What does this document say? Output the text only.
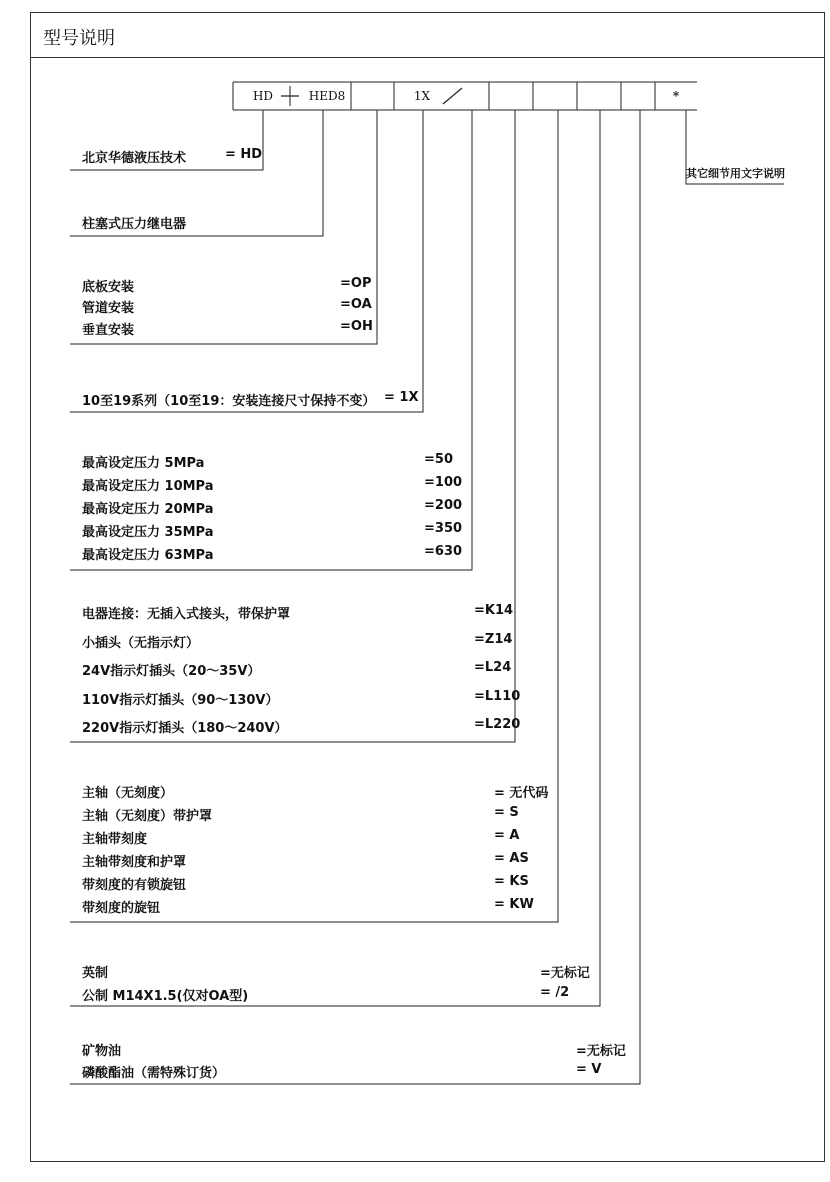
型号说明
HD	HED8	1X	*
其它细节用文字说明
北京华德液压技术	= HD
柱塞式压力继电器
底板安装	=OP
管道安装	=OA
垂直安装	=OH
10至19系列（10至19：安装连接尺寸保持不变） = 1X
最高设定压力 5MPa	=50
最高设定压力 10MPa	=100
最高设定压力 20MPa	=200
最高设定压力 35MPa	=350
最高设定压力 63MPa	=630
电器连接：无插入式接头，带保护罩	=K14
小插头（无指示灯）	=Z14
24V指示灯插头（20～35V）	=L24
110V指示灯插头（90～130V）	=L110
220V指示灯插头（180～240V）	=L220
主轴（无刻度）	= 无代码
主轴（无刻度）带护罩	= S
主轴带刻度	= A
主轴带刻度和护罩	= AS
带刻度的有锁旋钮	= KS
带刻度的旋钮	= KW
英制	=无标记
公制 M14X1.5(仅对OA型)	= /2
矿物油	=无标记
磷酸酯油（需特殊订货）	= V
